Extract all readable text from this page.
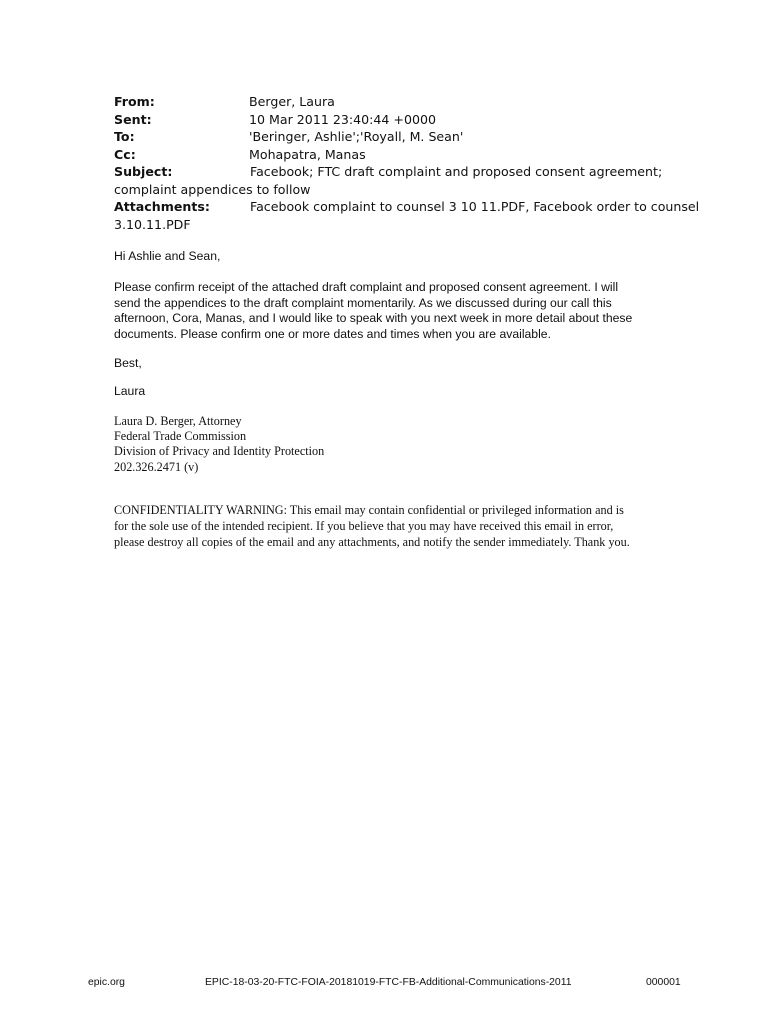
From:	Berger, Laura
Sent:	10 Mar 2011 23:40:44 +0000
To:	'Beringer, Ashlie';'Royall, M. Sean'
Cc:	Mohapatra, Manas
Subject:	Facebook; FTC draft complaint and proposed consent agreement;
complaint appendices to follow
Attachments:	Facebook complaint to counsel 3 10 11.PDF, Facebook order to counsel
3.10.11.PDF
Hi Ashlie and Sean,

Please confirm receipt of the attached draft complaint and proposed consent agreement. I will

send the appendices to the draft complaint momentarily. As we discussed during our call this

afternoon, Cora, Manas, and I would like to speak with you next week in more detail about these

documents. Please confirm one or more dates and times when you are available.

Best,
Laura
Laura D. Berger, Attorney
Federal Trade Commission
Division of Privacy and Identity Protection
202.326.2471 (v)
CONFIDENTIALITY WARNING: This email may contain confidential or privileged information and is
for the sole use of the intended recipient. If you believe that you may have received this email in error,
please destroy all copies of the email and any attachments, and notify the sender immediately. Thank you.
epic.org	EPIC-18-03-20-FTC-FOIA-20181019-FTC-FB-Additional-Communications-2011	000001
